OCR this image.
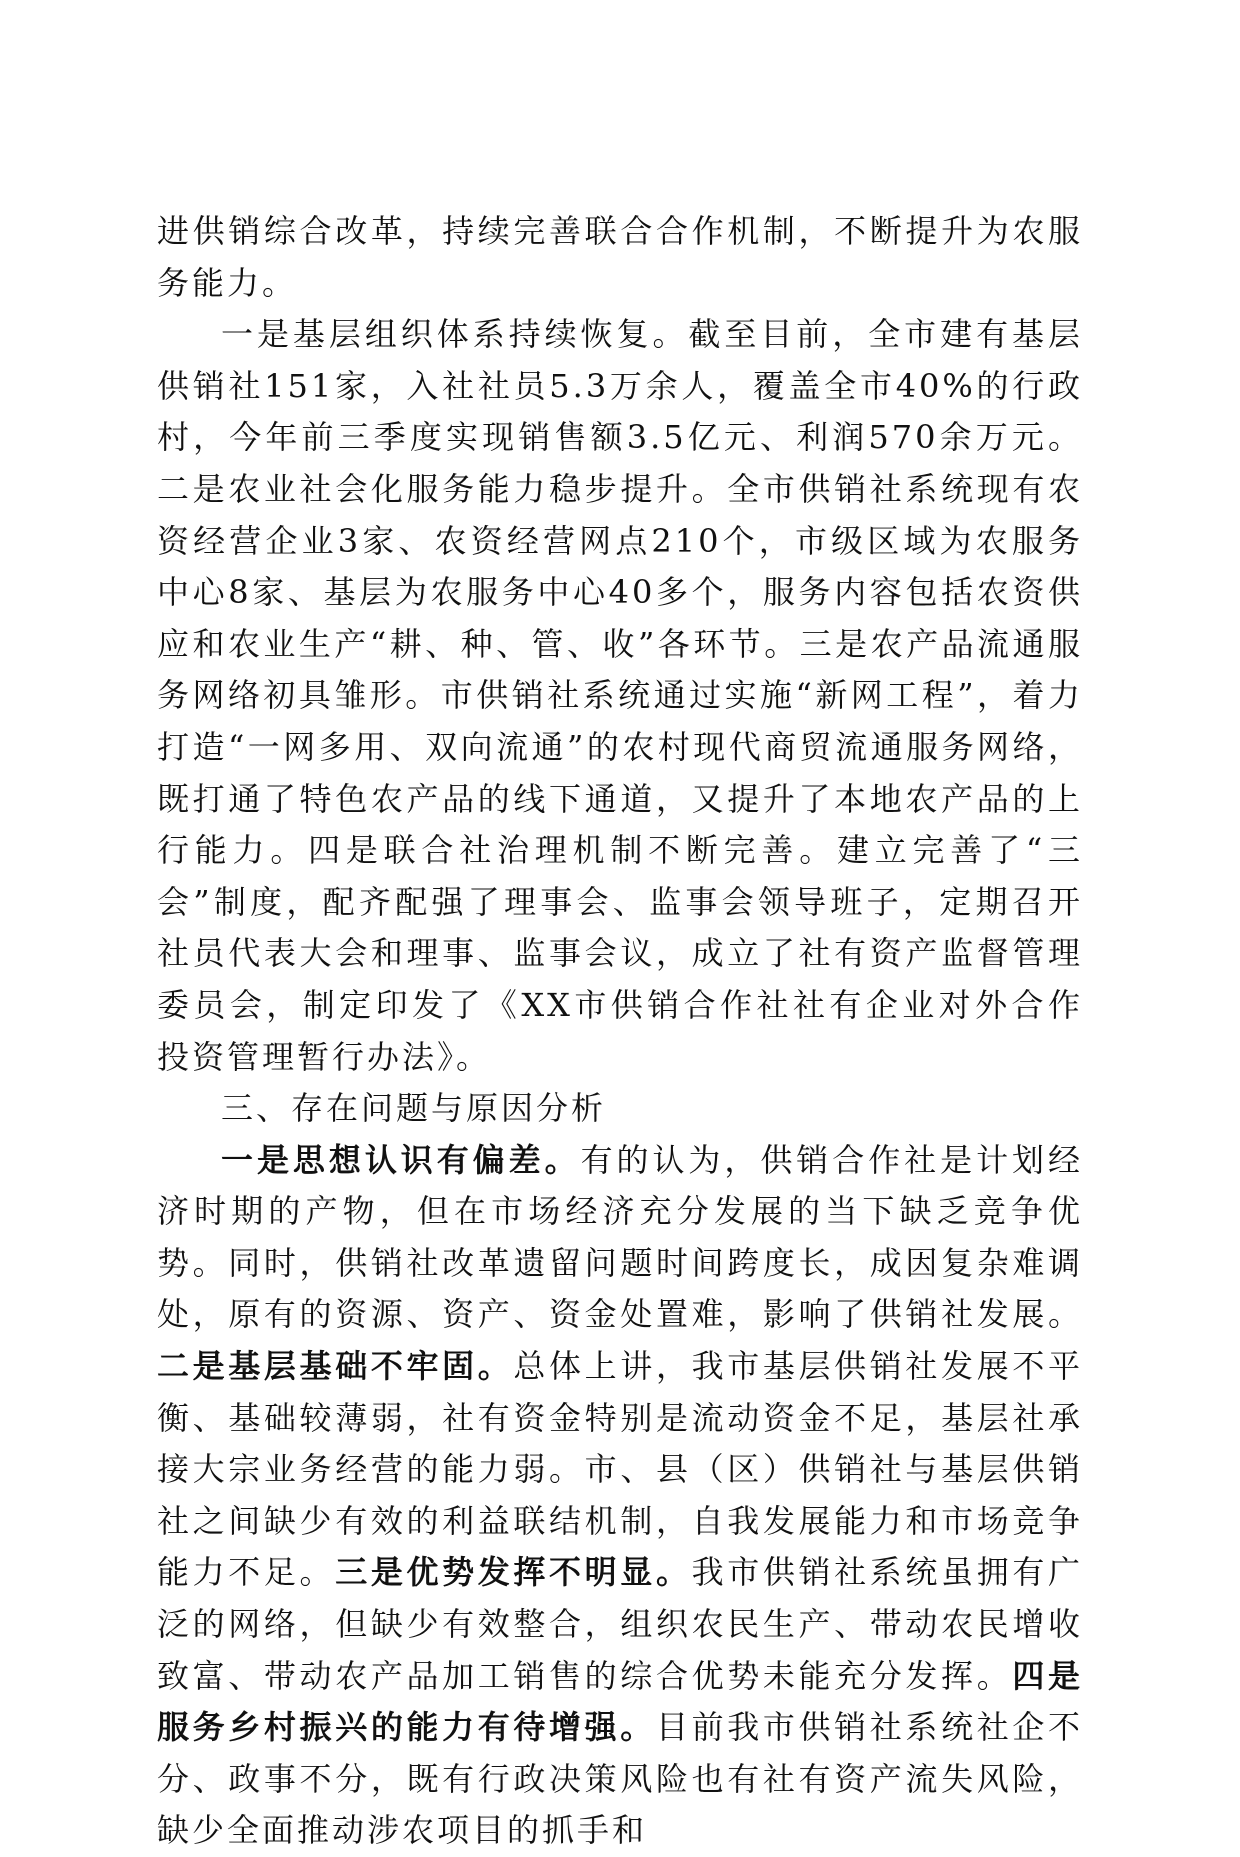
进供销综合改革，持续完善联合合作机制，不断提升为农服务能力。

一是基层组织体系持续恢复。截至目前，全市建有基层供销社151家，入社社员5.3万余人，覆盖全市40%的行政村，今年前三季度实现销售额3.5亿元、利润570余万元。二是农业社会化服务能力稳步提升。全市供销社系统现有农资经营企业3家、农资经营网点210个，市级区域为农服务中心8家、基层为农服务中心40多个，服务内容包括农资供应和农业生产“耕、种、管、收”各环节。三是农产品流通服务网络初具雏形。市供销社系统通过实施“新网工程”，着力打造“一网多用、双向流通”的农村现代商贸流通服务网络，既打通了特色农产品的线下通道，又提升了本地农产品的上行能力。四是联合社治理机制不断完善。建立完善了“三会”制度，配齐配强了理事会、监事会领导班子，定期召开社员代表大会和理事、监事会议，成立了社有资产监督管理委员会，制定印发了《XX市供销合作社社有企业对外合作投资管理暂行办法》。

三、存在问题与原因分析

一是思想认识有偏差。有的认为，供销合作社是计划经济时期的产物，但在市场经济充分发展的当下缺乏竞争优势。同时，供销社改革遗留问题时间跨度长，成因复杂难调处，原有的资源、资产、资金处置难，影响了供销社发展。二是基层基础不牢固。总体上讲，我市基层供销社发展不平衡、基础较薄弱，社有资金特别是流动资金不足，基层社承接大宗业务经营的能力弱。市、县（区）供销社与基层供销社之间缺少有效的利益联结机制，自我发展能力和市场竞争能力不足。三是优势发挥不明显。我市供销社系统虽拥有广泛的网络，但缺少有效整合，组织农民生产、带动农民增收致富、带动农产品加工销售的综合优势未能充分发挥。四是服务乡村振兴的能力有待增强。目前我市供销社系统社企不分、政事不分，既有行政决策风险也有社有资产流失风险，缺少全面推动涉农项目的抓手和
